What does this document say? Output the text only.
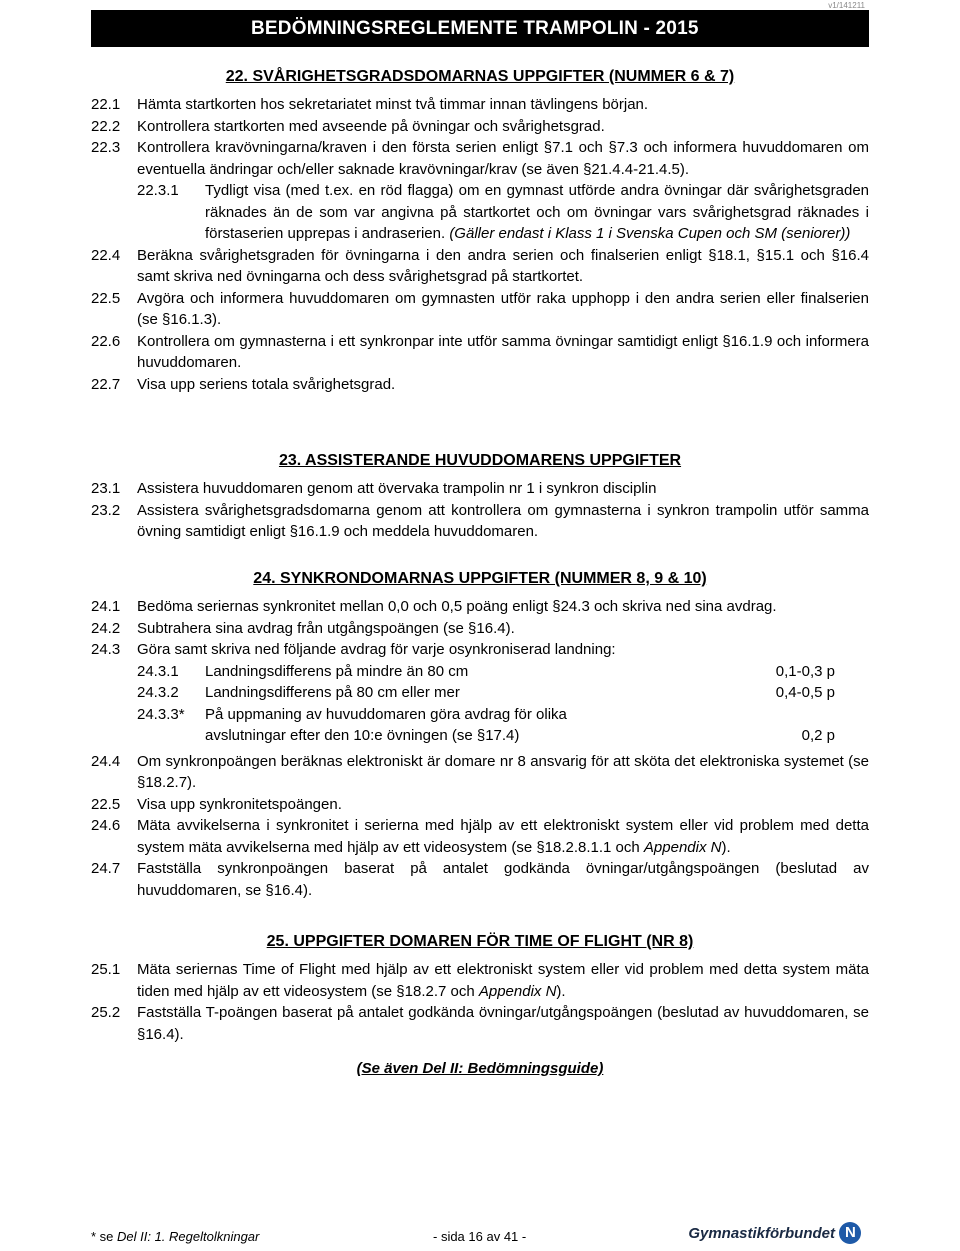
v1/141211
BEDÖMNINGSREGLEMENTE TRAMPOLIN - 2015
22. SVÅRIGHETSGRADSDOMARNAS UPPGIFTER (NUMMER 6 & 7)
22.1	Hämta startkorten hos sekretariatet minst två timmar innan tävlingens början.
22.2	Kontrollera startkorten med avseende på övningar och svårighetsgrad.
22.3	Kontrollera kravövningarna/kraven i den första serien enligt §7.1 och §7.3 och informera huvuddomaren om eventuella ändringar och/eller saknade kravövningar/krav (se även §21.4.4-21.4.5).
22.3.1	Tydligt visa (med t.ex. en röd flagga) om en gymnast utförde andra övningar där svårighetsgraden räknades än de som var angivna på startkortet och om övningar vars svårighetsgrad räknades i förstaserien upprepas i andraserien. (Gäller endast i Klass 1 i Svenska Cupen och SM (seniorer))
22.4	Beräkna svårighetsgraden för övningarna i den andra serien och finalserien enligt §18.1, §15.1 och §16.4 samt skriva ned övningarna och dess svårighetsgrad på startkortet.
22.5	Avgöra och informera huvuddomaren om gymnasten utför raka upphopp i den andra serien eller finalserien (se §16.1.3).
22.6	Kontrollera om gymnasterna i ett synkronpar inte utför samma övningar samtidigt enligt §16.1.9 och informera huvuddomaren.
22.7	Visa upp seriens totala svårighetsgrad.
23. ASSISTERANDE HUVUDDOMARENS UPPGIFTER
23.1	Assistera huvuddomaren genom att övervaka trampolin nr 1 i synkron disciplin
23.2	Assistera svårighetsgradsdomarna genom att kontrollera om gymnasterna i synkron trampolin utför samma övning samtidigt enligt §16.1.9 och meddela huvuddomaren.
24. SYNKRONDOMARNAS UPPGIFTER (NUMMER 8, 9 & 10)
24.1	Bedöma seriernas synkronitet mellan 0,0 och 0,5 poäng enligt §24.3 och skriva ned sina avdrag.
24.2	Subtrahera sina avdrag från utgångspoängen (se §16.4).
24.3	Göra samt skriva ned följande avdrag för varje osynkroniserad landning:
24.3.1	Landningsdifferens på mindre än 80 cm	0,1-0,3 p
24.3.2	Landningsdifferens på 80 cm eller mer	0,4-0,5 p
24.3.3*	På uppmaning av huvuddomaren göra avdrag för olika
avslutningar efter den 10:e övningen (se §17.4)	0,2 p
24.4	Om synkronpoängen beräknas elektroniskt är domare nr 8 ansvarig för att sköta det elektroniska systemet (se §18.2.7).
22.5	Visa upp synkronitetspoängen.
24.6	Mäta avvikelserna i synkronitet i serierna med hjälp av ett elektroniskt system eller vid problem med detta system mäta avvikelserna med hjälp av ett videosystem (se §18.2.8.1.1 och Appendix N).
24.7	Fastställa synkronpoängen baserat på antalet godkända övningar/utgångspoängen (beslutad av huvuddomaren, se §16.4).
25. UPPGIFTER DOMAREN FÖR TIME OF FLIGHT (NR 8)
25.1	Mäta seriernas Time of Flight med hjälp av ett elektroniskt system eller vid problem med detta system mäta tiden med hjälp av ett videosystem (se §18.2.7 och Appendix N).
25.2	Fastställa T-poängen baserat på antalet godkända övningar/utgångspoängen (beslutad av huvuddomaren, se §16.4).
(Se även Del II: Bedömningsguide)
* se Del II: 1. Regeltolkningar	- sida 16 av 41 -	Gymnastikförbundet N
